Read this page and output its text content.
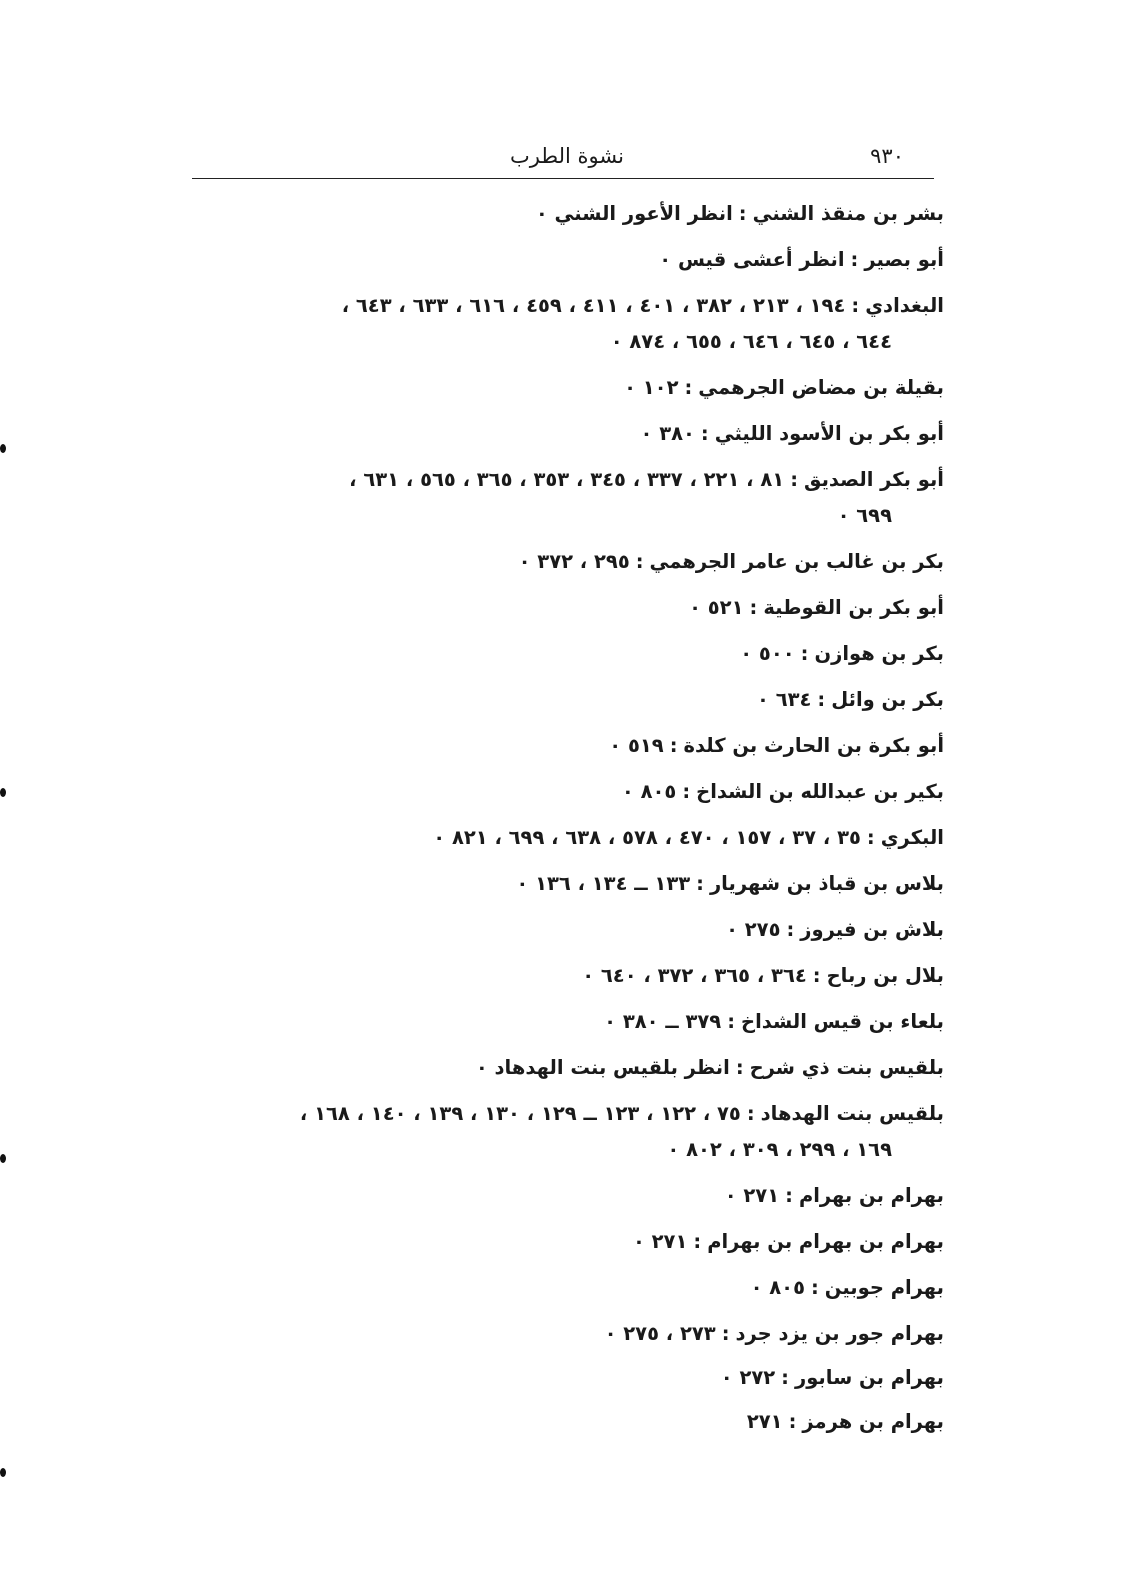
نشوة الطرب	٩٣٠

بشر بن منقذ الشني:انظر الأعور الشني ٠

أبو بصير:انظر أعشى قيس ٠

البغدادي:١٩٤ ، ٢١٣ ، ٣٨٢ ، ٤٠١ ، ٤١١ ، ٤٥٩ ، ٦١٦ ، ٦٣٣ ، ٦٤٣ ،
٦٤٤ ، ٦٤٥ ، ٦٤٦ ، ٦٥٥ ، ٨٧٤ ٠

بقيلة بن مضاض الجرهمي:١٠٢ ٠

أبو بكر بن الأسود الليثي:٣٨٠ ٠

أبو بكر الصديق:٨١ ، ٢٢١ ، ٣٣٧ ، ٣٤٥ ، ٣٥٣ ، ٣٦٥ ، ٥٦٥ ، ٦٣١ ،
٦٩٩ ٠

بكر بن غالب بن عامر الجرهمي:٢٩٥ ، ٣٧٢ ٠

أبو بكر بن القوطية:٥٢١ ٠

بكر بن هوازن:٥٠٠ ٠

بكر بن وائل:٦٣٤ ٠

أبو بكرة بن الحارث بن كلدة:٥١٩ ٠

بكير بن عبدالله بن الشداخ:٨٠٥ ٠

البكري:٣٥ ، ٣٧ ، ١٥٧ ، ٤٧٠ ، ٥٧٨ ، ٦٣٨ ، ٦٩٩ ، ٨٢١ ٠

بلاس بن قباذ بن شهريار:١٣٣ ــ ١٣٤ ، ١٣٦ ٠

بلاش بن فيروز:٢٧٥ ٠

بلال بن رباح:٣٦٤ ، ٣٦٥ ، ٣٧٢ ، ٦٤٠ ٠

بلعاء بن قيس الشداخ:٣٧٩ ــ ٣٨٠ ٠

بلقيس بنت ذي شرح:انظر بلقيس بنت الهدهاد ٠

بلقيس بنت الهدهاد:٧٥ ، ١٢٢ ، ١٢٣ ــ ١٢٩ ، ١٣٠ ، ١٣٩ ، ١٤٠ ، ١٦٨ ،
١٦٩ ، ٢٩٩ ، ٣٠٩ ، ٨٠٢ ٠

بهرام بن بهرام:٢٧١ ٠

بهرام بن بهرام بن بهرام:٢٧١ ٠

بهرام جوبين:٨٠٥ ٠

بهرام جور بن يزد جرد:٢٧٣ ، ٢٧٥ ٠

بهرام بن سابور:٢٧٢ ٠

بهرام بن هرمز:٢٧١
